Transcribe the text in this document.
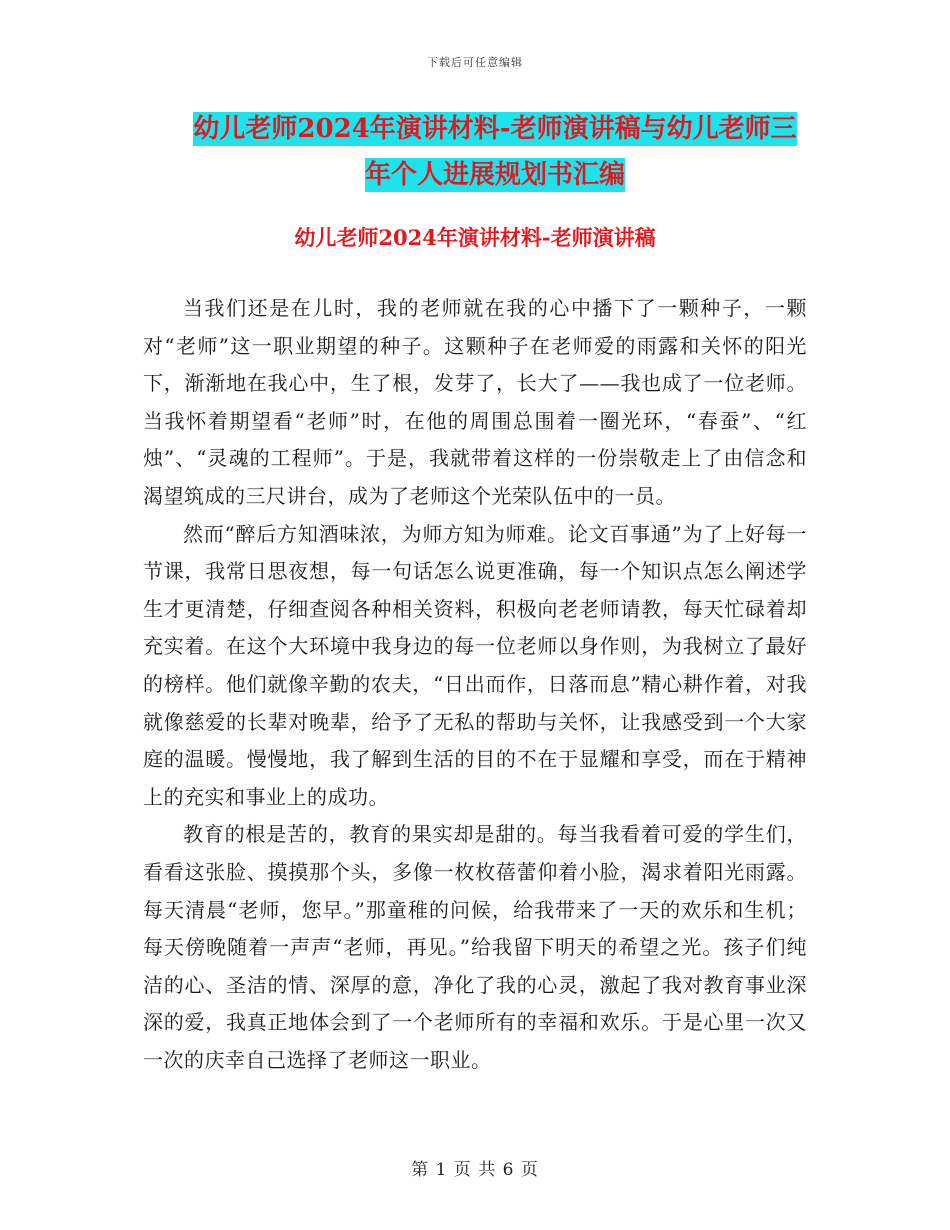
下载后可任意编辑
幼儿老师2024年演讲材料-老师演讲稿与幼儿老师三
年个人进展规划书汇编
幼儿老师2024年演讲材料-老师演讲稿

当我们还是在儿时，我的老师就在我的心中播下了一颗种子，一颗对“老师”这一职业期望的种子。这颗种子在老师爱的雨露和关怀的阳光下，渐渐地在我心中，生了根，发芽了，长大了——我也成了一位老师。当我怀着期望看“老师”时，在他的周围总围着一圈光环，“春蚕”、“红烛”、“灵魂的工程师”。于是，我就带着这样的一份崇敬走上了由信念和渴望筑成的三尺讲台，成为了老师这个光荣队伍中的一员。

然而“醉后方知酒味浓，为师方知为师难。论文百事通”为了上好每一节课，我常日思夜想，每一句话怎么说更准确，每一个知识点怎么阐述学生才更清楚，仔细查阅各种相关资料，积极向老老师请教，每天忙碌着却充实着。在这个大环境中我身边的每一位老师以身作则，为我树立了最好的榜样。他们就像辛勤的农夫，“日出而作，日落而息”精心耕作着，对我就像慈爱的长辈对晚辈，给予了无私的帮助与关怀，让我感受到一个大家庭的温暖。慢慢地，我了解到生活的目的不在于显耀和享受，而在于精神上的充实和事业上的成功。

教育的根是苦的，教育的果实却是甜的。每当我看着可爱的学生们，看看这张脸、摸摸那个头，多像一枚枚蓓蕾仰着小脸，渴求着阳光雨露。每天清晨“老师，您早。”那童稚的问候，给我带来了一天的欢乐和生机；每天傍晚随着一声声“老师，再见。”给我留下明天的希望之光。孩子们纯洁的心、圣洁的情、深厚的意，净化了我的心灵，激起了我对教育事业深深的爱，我真正地体会到了一个老师所有的幸福和欢乐。于是心里一次又一次的庆幸自己选择了老师这一职业。

第 1 页 共 6 页
